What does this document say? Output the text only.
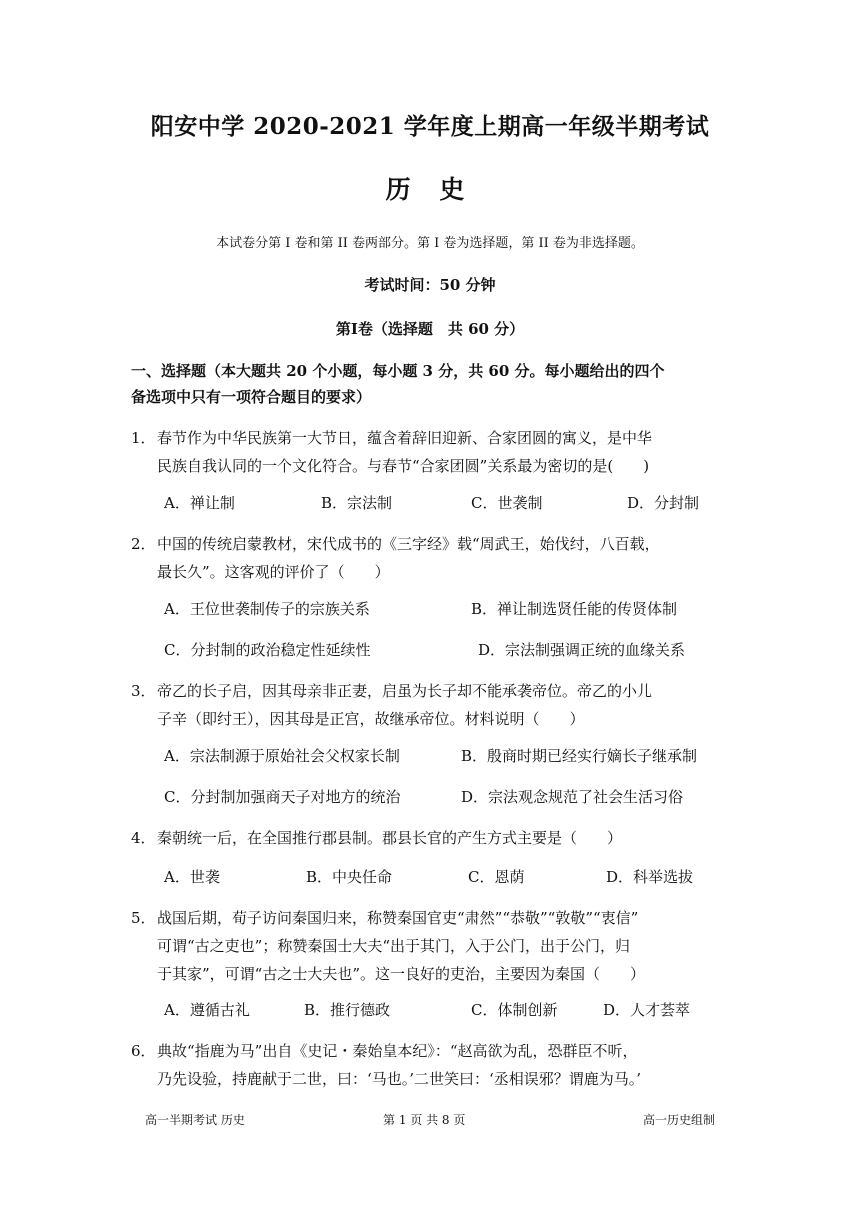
阳安中学 2020-2021 学年度上期高一年级半期考试
历 史
本试卷分第 I 卷和第 II 卷两部分。第 I 卷为选择题，第 II 卷为非选择题。
考试时间：50 分钟
第Ⅰ卷（选择题　共 60 分）
一、选择题（本大题共 20 个小题，每小题 3 分，共 60 分。每小题给出的四个
备选项中只有一项符合题目的要求）
1．春节作为中华民族第一大节日，蕴含着辞旧迎新、合家团圆的寓义，是中华
民族自我认同的一个文化符合。与春节“合家团圆”关系最为密切的是(　　)
A．禅让制	B．宗法制	C．世袭制	D．分封制
2．中国的传统启蒙教材，宋代成书的《三字经》载“周武王，始伐纣，八百载，
最长久”。这客观的评价了（　　）
A．王位世袭制传子的宗族关系	B．禅让制选贤任能的传贤体制
C．分封制的政治稳定性延续性	D．宗法制强调正统的血缘关系
3．帝乙的长子启，因其母亲非正妻，启虽为长子却不能承袭帝位。帝乙的小儿
子辛（即纣王），因其母是正宫，故继承帝位。材料说明（　　）
A．宗法制源于原始社会父权家长制	B．殷商时期已经实行嫡长子继承制
C．分封制加强商天子对地方的统治	D．宗法观念规范了社会生活习俗
4．秦朝统一后，在全国推行郡县制。郡县长官的产生方式主要是（　　）
A．世袭	B．中央任命	C．恩荫	D．科举选拔
5．战国后期，荀子访问秦国归来，称赞秦国官吏“肃然”“恭敬”“敦敬”“衷信”
可谓“古之吏也”；称赞秦国士大夫“出于其门，入于公门，出于公门，归
于其家”，可谓“古之士大夫也”。这一良好的吏治，主要因为秦国（　　）
A．遵循古礼	B．推行德政	C．体制创新	D．人才荟萃
6．典故“指鹿为马”出自《史记・秦始皇本纪》：“赵高欲为乱，恐群臣不听，
乃先设验，持鹿献于二世，曰：‘马也。’二世笑曰：‘丞相误邪？谓鹿为马。’
高一半期考试 历史	第 1 页 共 8 页	高一历史组制
